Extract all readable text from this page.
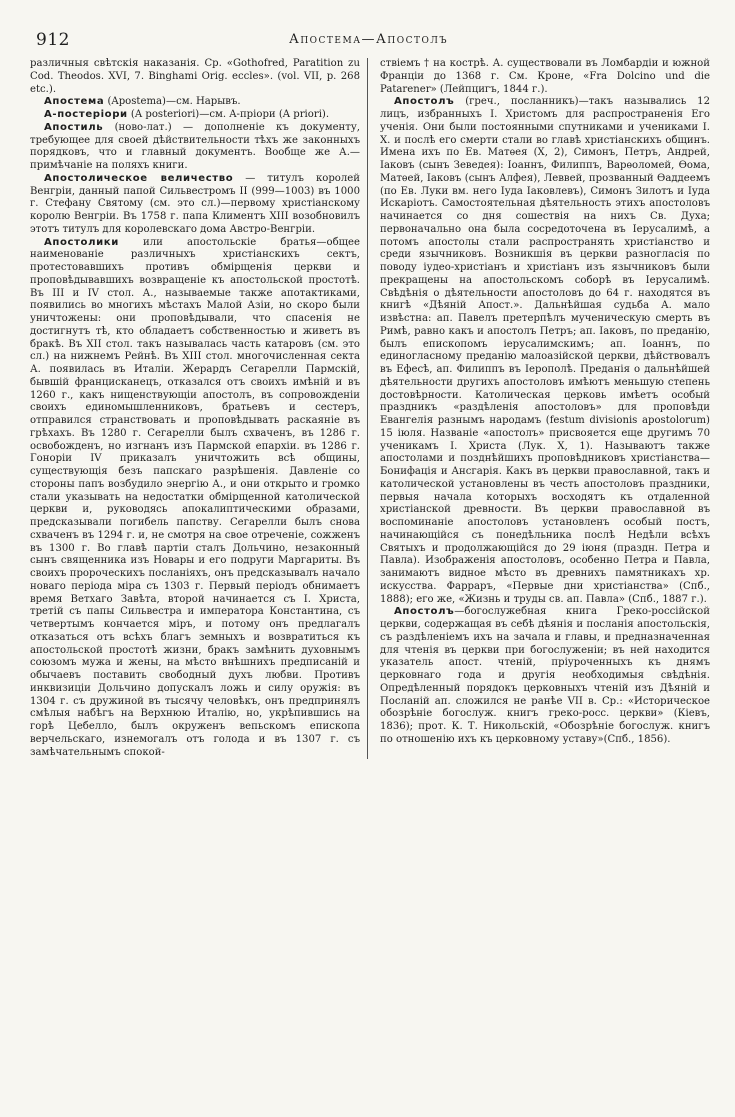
912	Апостема—Апостолъ

различныя свѣтскія наказанія. Ср. «Gothofred, Paratition zu Cod. Theodos. XVI, 7. Binghami Orig. eccles». (vol. VII, p. 268 etc.).

Апостема (Apostema)—см. Нарывъ.

А-постеріори (A posteriori)—см. A-пріори (A priori).

Апостиль (ново-лат.) — дополненіе къ документу, требующее для своей дѣйствительности тѣхъ же законныхъ порядковъ, что и главный документъ. Вообще же А.—примѣчаніе на поляхъ книги.

Апостолическое величество — титулъ королей Венгріи, данный папой Сильвестромъ II (999—1003) въ 1000 г. Стефану Святому (см. это сл.)—первому христіанскому королю Венгріи. Въ 1758 г. папа Климентъ XIII возобновилъ этотъ титулъ для королевскаго дома Австро-Венгріи.

Апостолики или апостольскіе братья—общее наименованіе различныхъ христіанскихъ сектъ, протестовавшихъ противъ обмірщенія церкви и проповѣдывавшихъ возвращеніе къ апостольской простотѣ. Въ III и IV стол. А., называемые также апотактиками, появились во многихъ мѣстахъ Малой Азіи, но скоро были уничтожены: они проповѣдывали, что спасенія не достигнутъ тѣ, кто обладаетъ собственностью и живетъ въ бракѣ. Въ XII стол. такъ называлась часть катаровъ (см. это сл.) на нижнемъ Рейнѣ. Въ XIII стол. многочисленная секта А. появилась въ Италіи. Жерардъ Сегарелли Пармскій, бывшій францисканецъ, отказался отъ своихъ имѣній и въ 1260 г., какъ нищенствующіи апостолъ, въ сопровожденіи своихъ единомышленниковъ, братьевъ и сестеръ, отправился странствовать и проповѣдывать раскаяніе въ грѣхахъ. Въ 1280 г. Сегарелли былъ схваченъ, въ 1286 г. освобожденъ, но изгнанъ изъ Пармской епархіи. въ 1286 г. Гоноріи IV приказалъ уничтожить всѣ общины, существующія безъ папскаго разрѣшенія. Давленіе со стороны папъ возбудило энергію А., и они открыто и громко стали указывать на недостатки обмірщенной католической церкви и, руководясь апокалиптическими образами, предсказывали погибель папству. Сегарелли былъ снова схваченъ въ 1294 г. и, не смотря на свое отреченіе, сожженъ въ 1300 г. Во главѣ партіи сталъ Дольчино, незаконный сынъ священника изъ Новары и его подруги Маргариты. Въ своихъ пророческихъ посланіяхъ, онъ предсказывалъ начало новаго періода міра съ 1303 г. Первый періодъ обнимаетъ время Ветхаго Завѣта, второй начинается съ І. Христа, третій съ папы Сильвестра и императора Константина, съ четвертымъ кончается міръ, и потому онъ предлагалъ отказаться отъ всѣхъ благъ земныхъ и возвратиться къ апостольской простотѣ жизни, бракъ замѣнить духовнымъ союзомъ мужа и жены, на мѣсто внѣшнихъ предписаній и обычаевъ поставить свободный духъ любви. Противъ инквизиціи Дольчино допускалъ ложь и силу оружія: въ 1304 г. съ дружиной въ тысячу человѣкъ, онъ предпринялъ смѣлыя набѣгъ на Верхнюю Италію, но, укрѣпившись на горѣ Цебелло, былъ окруженъ вепьскомъ епископа верчельскаго, изнемогалъ отъ голода и въ 1307 г. съ замѣчательнымъ спокой-

ствіемъ † на кострѣ. А. существовали въ Ломбардіи и южной Франціи до 1368 г. См. Кроне, «Fra Dolcino und die Patarener» (Лейпцигъ, 1844 г.).

Апостолъ (греч., посланникъ)—такъ назывались 12 лицъ, избранныхъ І. Христомъ для распространенія Его ученія. Они были постоянными спутниками и учениками І. Х. и послѣ его смерти стали во главѣ христіанскихъ общинъ. Имена ихъ по Ев. Матѳея (X, 2), Симонъ, Петръ, Андрей, Іаковъ (сынъ Зеведея): Іоаннъ, Филиппъ, Варѳоломей, Ѳома, Матѳей, Іаковъ (сынъ Алфея), Леввей, прозванный Ѳаддеемъ (по Ев. Луки вм. него Іуда Іаковлевъ), Симонъ Зилотъ и Іуда Искаріотъ. Самостоятельная дѣятельность этихъ апостоловъ начинается со дня сошествія на нихъ Св. Духа; первоначально она была сосредоточена въ Іерусалимѣ, а потомъ апостолы стали распространять христіанство и среди язычниковъ. Возникшія въ церкви разногласія по поводу іудео-христіанъ и христіанъ изъ язычниковъ были прекращены на апостольскомъ соборѣ въ Іерусалимѣ. Свѣдѣнія о дѣятельности апостоловъ до 64 г. находятся въ книгѣ «Дѣяній Апост.». Дальнѣйшая судьба А. мало извѣстна: ап. Павелъ претерпѣлъ мученическую смерть въ Римѣ, равно какъ и апостолъ Петръ; ап. Іаковъ, по преданію, былъ епископомъ іерусалимскимъ; ап. Іоаннъ, по единогласному преданію малоазійской церкви, дѣйствовалъ въ Ефесѣ, ап. Филиппъ въ Іерополѣ. Преданія о дальнѣйшей дѣятельности другихъ апостоловъ имѣютъ меньшую степень достовѣрности. Католическая церковь имѣетъ особый праздникъ «раздѣленія апостоловъ» для проповѣди Евангелія разнымъ народамъ (festum divisionis apostolorum) 15 іюля. Названіе «апостолъ» присвояется еще другимъ 70 ученикамъ І. Христа (Лук. X, 1). Называютъ также апостолами и позднѣйшихъ проповѣдниковъ христіанства—Бонифація и Ансгарія. Какъ въ церкви православной, такъ и католической установлены въ честь апостоловъ праздники, первыя начала которыхъ восходятъ къ отдаленной христіанской древности. Въ церкви православной въ воспоминаніе апостоловъ установленъ особый постъ, начинающійся съ понедѣльника послѣ Недѣли всѣхъ Святыхъ и продолжающійся до 29 іюня (праздн. Петра и Павла). Изображенія апостоловъ, особенно Петра и Павла, занимаютъ видное мѣсто въ древнихъ памятникахъ хр. искусства. Фаррaръ, «Первые дни христіанства» (Спб., 1888); его же, «Жизнь и труды св. ап. Павла» (Спб., 1887 г.).

Апостолъ—богослужебная книга Греко-россійской церкви, содержащая въ себѣ дѣянія и посланія апостольскія, съ раздѣленіемъ ихъ на зачала и главы, и предназначенная для чтенія въ церкви при богослуженіи; въ ней находится указатель апост. чтеній, пріуроченныхъ къ днямъ церковнаго года и другія необходимыя свѣдѣнія. Опредѣленный порядокъ церковныхъ чтеній изъ Дѣяній и Посланій ап. сложился не ранѣе VII в. Ср.: «Историческое обозрѣніе богослуж. книгъ греко-росс. церкви» (Кіевъ, 1836); прот. К. Т. Никольскій, «Обозрѣніе богослуж. книгъ по отношенію ихъ къ церковному уставу»(Спб., 1856).
